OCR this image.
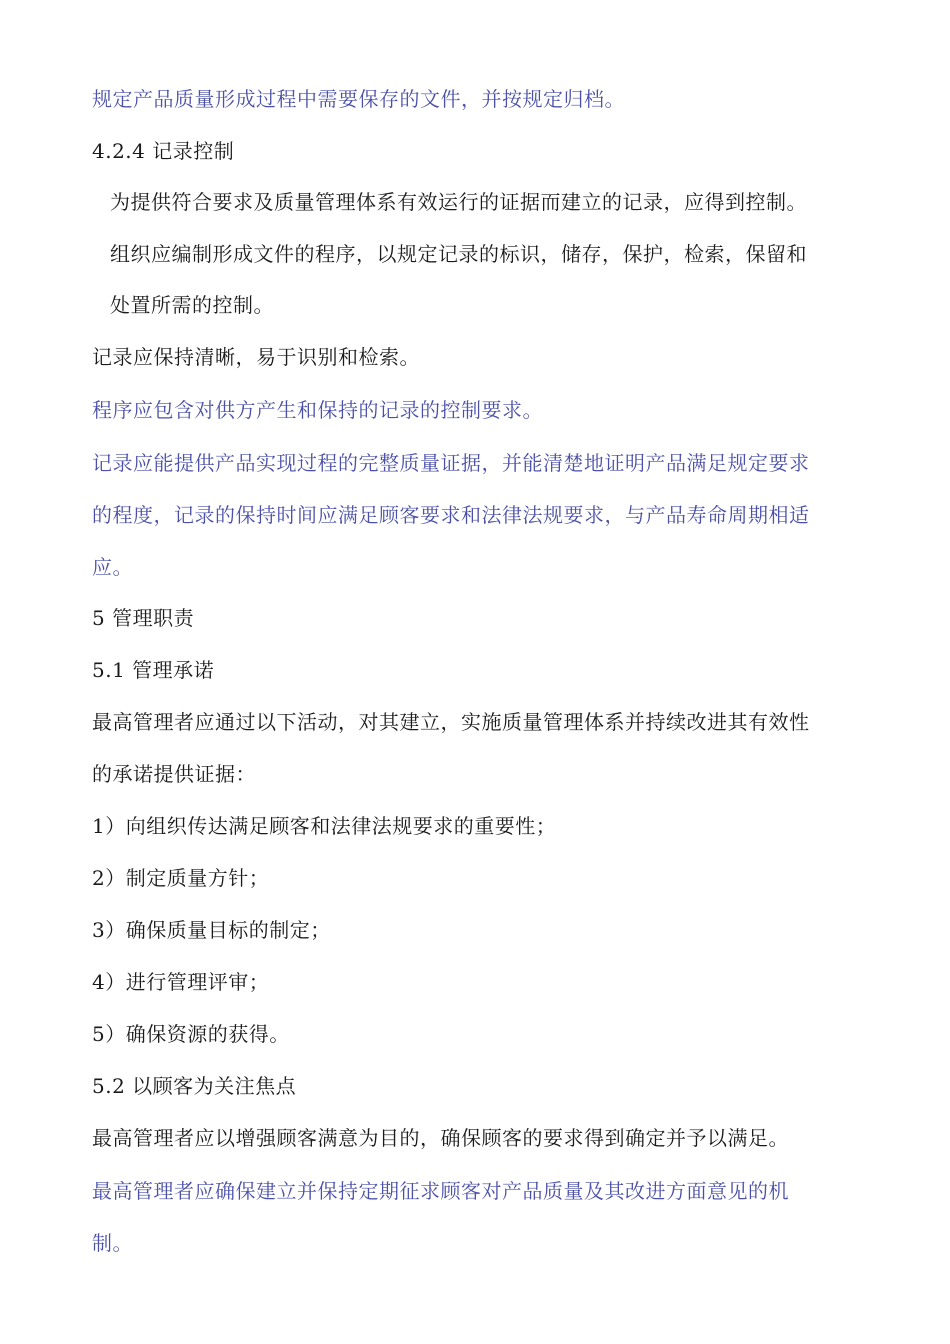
规定产品质量形成过程中需要保存的文件，并按规定归档。
4.2.4 记录控制
为提供符合要求及质量管理体系有效运行的证据而建立的记录，应得到控制。
组织应编制形成文件的程序，以规定记录的标识，储存，保护，检索，保留和
处置所需的控制。
记录应保持清晰，易于识别和检索。
程序应包含对供方产生和保持的记录的控制要求。
记录应能提供产品实现过程的完整质量证据，并能清楚地证明产品满足规定要求
的程度，记录的保持时间应满足顾客要求和法律法规要求，与产品寿命周期相适
应。
5 管理职责
5.1 管理承诺
最高管理者应通过以下活动，对其建立，实施质量管理体系并持续改进其有效性
的承诺提供证据：
1）向组织传达满足顾客和法律法规要求的重要性；
2）制定质量方针；
3）确保质量目标的制定；
4）进行管理评审；
5）确保资源的获得。
5.2 以顾客为关注焦点
最高管理者应以增强顾客满意为目的，确保顾客的要求得到确定并予以满足。
最高管理者应确保建立并保持定期征求顾客对产品质量及其改进方面意见的机
制。
